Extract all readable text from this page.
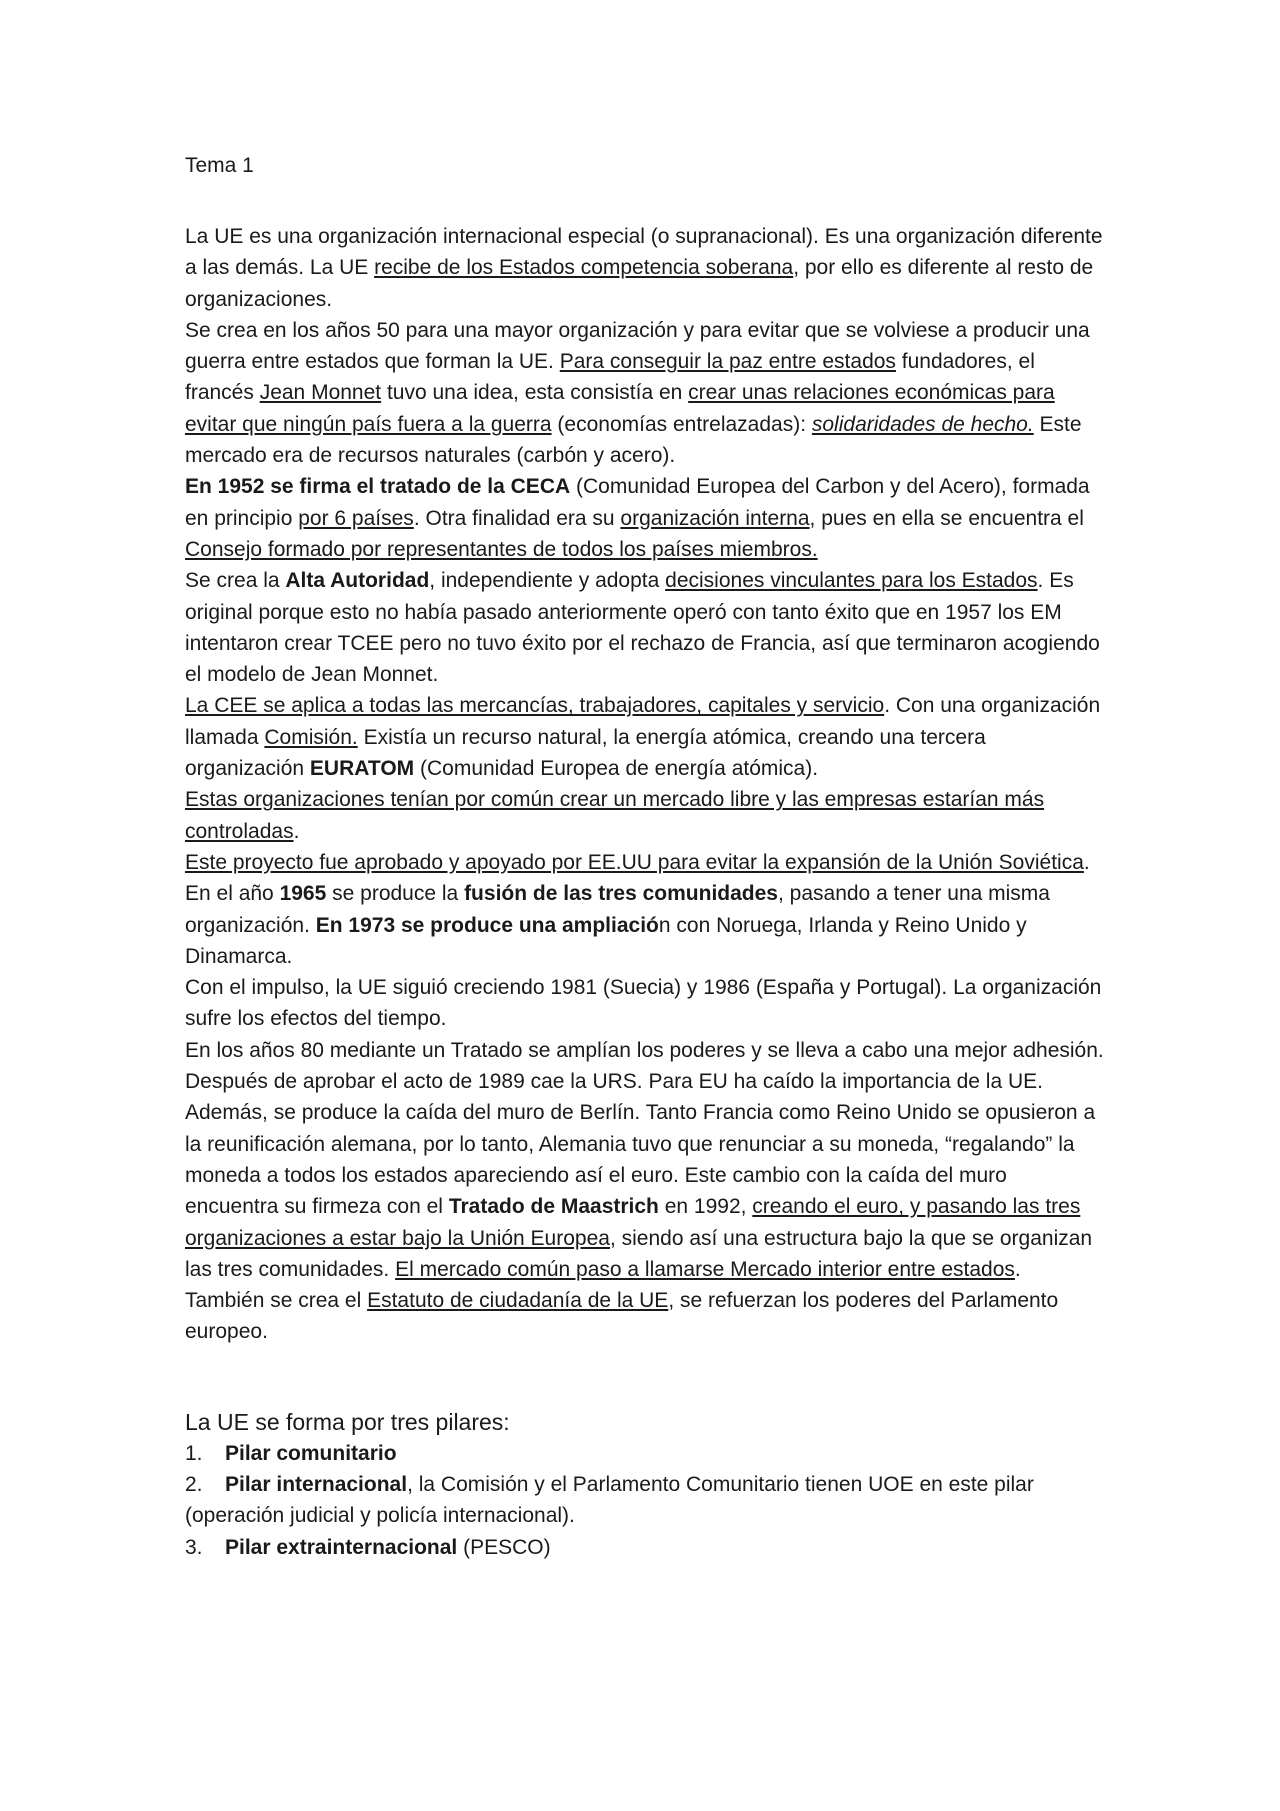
Tema 1

La UE es una organización internacional especial (o supranacional). Es una organización diferente a las demás. La UE recibe de los Estados competencia soberana, por ello es diferente al resto de organizaciones.

Se crea en los años 50 para una mayor organización y para evitar que se volviese a producir una guerra entre estados que forman la UE. Para conseguir la paz entre estados fundadores, el francés Jean Monnet tuvo una idea, esta consistía en crear unas relaciones económicas para evitar que ningún país fuera a la guerra (economías entrelazadas): solidaridades de hecho. Este mercado era de recursos naturales (carbón y acero).

En 1952 se firma el tratado de la CECA (Comunidad Europea del Carbon y del Acero), formada en principio por 6 países. Otra finalidad era su organización interna, pues en ella se encuentra el Consejo formado por representantes de todos los países miembros.

Se crea la Alta Autoridad, independiente y adopta decisiones vinculantes para los Estados. Es original porque esto no había pasado anteriormente operó con tanto éxito que en 1957 los EM intentaron crear TCEE pero no tuvo éxito por el rechazo de Francia, así que terminaron acogiendo el modelo de Jean Monnet.

La CEE se aplica a todas las mercancías, trabajadores, capitales y servicio. Con una organización llamada Comisión. Existía un recurso natural, la energía atómica, creando una tercera organización EURATOM (Comunidad Europea de energía atómica).

Estas organizaciones tenían por común crear un mercado libre y las empresas estarían más controladas.

Este proyecto fue aprobado y apoyado por EE.UU para evitar la expansión de la Unión Soviética.

En el año 1965 se produce la fusión de las tres comunidades, pasando a tener una misma organización. En 1973 se produce una ampliación con Noruega, Irlanda y Reino Unido y Dinamarca.

Con el impulso, la UE siguió creciendo 1981 (Suecia) y 1986 (España y Portugal). La organización sufre los efectos del tiempo.

En los años 80 mediante un Tratado se amplían los poderes y se lleva a cabo una mejor adhesión. Después de aprobar el acto de 1989 cae la URS. Para EU ha caído la importancia de la UE. Además, se produce la caída del muro de Berlín. Tanto Francia como Reino Unido se opusieron a la reunificación alemana, por lo tanto, Alemania tuvo que renunciar a su moneda, “regalando” la moneda a todos los estados apareciendo así el euro. Este cambio con la caída del muro encuentra su firmeza con el Tratado de Maastrich en 1992, creando el euro, y pasando las tres organizaciones a estar bajo la Unión Europea, siendo así una estructura bajo la que se organizan las tres comunidades. El mercado común paso a llamarse Mercado interior entre estados. También se crea el Estatuto de ciudadanía de la UE, se refuerzan los poderes del Parlamento europeo.

La UE se forma por tres pilares:

1. Pilar comunitario

2. Pilar internacional, la Comisión y el Parlamento Comunitario tienen UOE en este pilar (operación judicial y policía internacional).

3. Pilar extrainternacional (PESCO)
